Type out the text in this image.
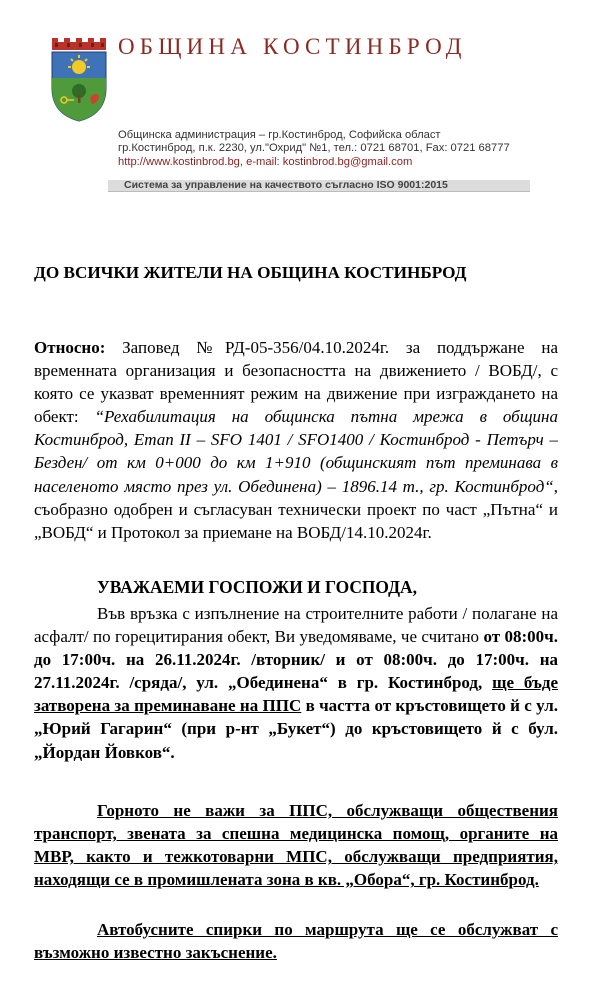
ОБЩИНА КОСТИНБРОД
Общинска администрация – гр.Костинброд, Софийска област
гр.Костинброд, п.к. 2230, ул."Охрид" №1, тел.: 0721 68701, Fax: 0721 68777
http://www.kostinbrod.bg, e-mail: kostinbrod.bg@gmail.com
Система за управление на качеството съгласно ISO 9001:2015
ДО ВСИЧКИ ЖИТЕЛИ НА ОБЩИНА КОСТИНБРОД

Относно: Заповед №РД-05-356/04.10.2024г. за поддържане на временната организация и безопасността на движението / ВОБД/, с която се указват временният режим на движение при изграждането на обект: “Рехабилитация на общинска пътна мрежа в община Костинброд, Етап II – SFO 1401 / SFO1400 / Костинброд - Петърч – Безден/ от км 0+000 до км 1+910 (общинският път преминава в населеното място през ул. Обединена) – 1896.14 т., гр. Костинброд“, съобразно одобрен и съгласуван технически проект по част „Пътна“ и „ВОБД“ и Протокол за приемане на ВОБД/14.10.2024г.

УВАЖАЕМИ ГОСПОЖИ И ГОСПОДА,

Във връзка с изпълнение на строителните работи / полагане на асфалт/ по горецитирания обект, Ви уведомяваме, че считано от 08:00ч. до 17:00ч. на 26.11.2024г. /вторник/ и от 08:00ч. до 17:00ч. на 27.11.2024г. /сряда/, ул. „Обединена“ в гр. Костинброд, ще бъде затворена за преминаване на ППС в частта от кръстовището й с ул. „Юрий Гагарин“ (при р-нт „Букет“) до кръстовището й с бул. „Йордан Йовков“.

Горното не важи за ППС, обслужващи обществения транспорт, звената за спешна медицинска помощ, органите на МВР, както и тежкотоварни МПС, обслужващи предприятия, находящи се в промишлената зона в кв. „Обора“, гр. Костинброд.

Автобусните спирки по маршрута ще се обслужват с възможно известно закъснение.
